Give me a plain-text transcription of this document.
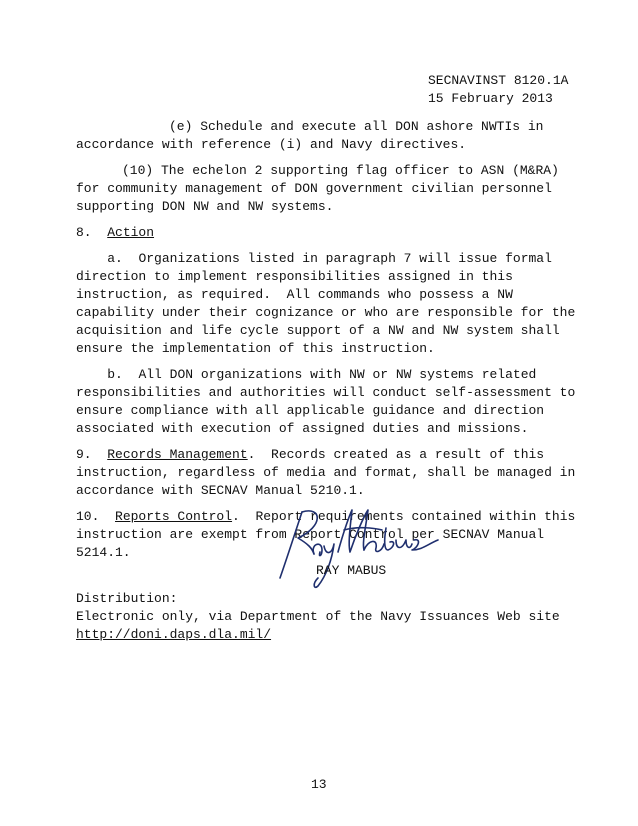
SECNAVINST 8120.1A
15 February 2013
(e) Schedule and execute all DON ashore NWTIs in
accordance with reference (i) and Navy directives.
(10) The echelon 2 supporting flag officer to ASN (M&RA)
for community management of DON government civilian personnel
supporting DON NW and NW systems.
8. Action
a. Organizations listed in paragraph 7 will issue formal
direction to implement responsibilities assigned in this
instruction, as required.  All commands who possess a NW
capability under their cognizance or who are responsible for the
acquisition and life cycle support of a NW and NW system shall
ensure the implementation of this instruction.
b. All DON organizations with NW or NW systems related
responsibilities and authorities will conduct self-assessment to
ensure compliance with all applicable guidance and direction
associated with execution of assigned duties and missions.
9. Records Management.  Records created as a result of this
instruction, regardless of media and format, shall be managed in
accordance with SECNAV Manual 5210.1.
10. Reports Control.  Report requirements contained within this
instruction are exempt from Report Control per SECNAV Manual
5214.1.
RAY MABUS
Distribution:
Electronic only, via Department of the Navy Issuances Web site
http://doni.daps.dla.mil/
13
